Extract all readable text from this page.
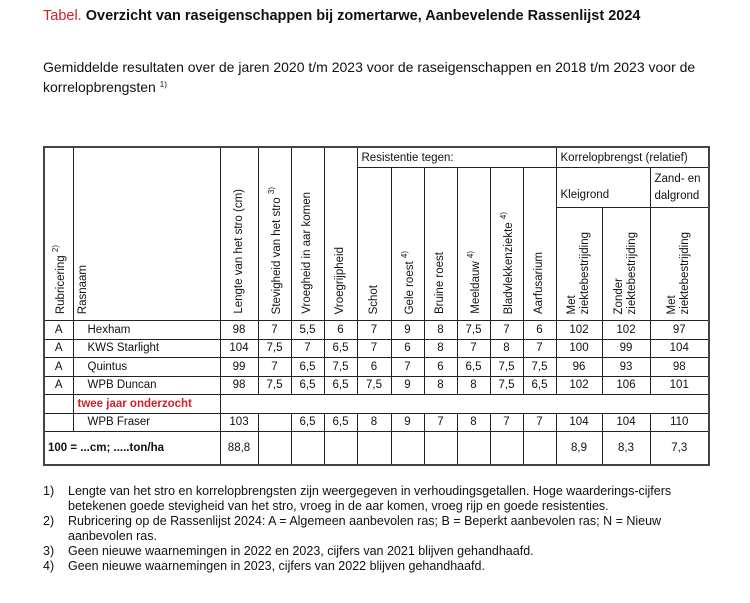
Tabel. Overzicht van raseigenschappen bij zomertarwe, Aanbevelende Rassenlijst 2024
Gemiddelde resultaten over de jaren 2020 t/m 2023 voor de raseigenschappen en 2018 t/m 2023 voor de korrelopbrengsten $^{1)}$
Rubricering $^{2)}$	Rasnaam	Lengte van het stro (cm)	Stevigheid van het stro $^{3)}$	Vroegheid in aar komen	Vroegrijpheid	Resistentie tegen:						Korrelopbrengst (relatief)		
						Schot	Gele roest $^{4)}$	Bruine roest	Meeldauw $^{4)}$	Bladvlekkenziekte $^{4)}$	Aarfusarium	Kleigrond		Zand- en dalgrond
												Met
ziektebestrijding	Zonder
ziektebestrijding	Met
ziektebestrijding
A	Hexham	98	7	5,5	6	7	9	8	7,5	7	6	102	102	97
A	KWS Starlight	104	7,5	7	6,5	7	6	8	7	8	7	100	99	104
A	Quintus	99	7	6,5	7,5	6	7	6	6,5	7,5	7,5	96	93	98
A	WPB Duncan	98	7,5	6,5	6,5	7,5	9	8	8	7,5	6,5	102	106	101
	twee jaar onderzocht													
	WPB Fraser	103		6,5	6,5	8	9	7	8	7	7	104	104	110
100 = ...cm; .....ton/ha		88,8										8,9	8,3	7,3
1)	Lengte van het stro en korrelopbrengsten zijn weergegeven in verhoudingsgetallen. Hoge waarderings-cijfers betekenen goede stevigheid van het stro, vroeg in de aar komen, vroeg rijp en goede resistenties.
2)	Rubricering op de Rassenlijst 2024: A = Algemeen aanbevolen ras; B = Beperkt aanbevolen ras; N = Nieuw aanbevolen ras.
3)	Geen nieuwe waarnemingen in 2022 en 2023, cijfers van 2021 blijven gehandhaafd.
4)	Geen nieuwe waarnemingen in 2023, cijfers van 2022 blijven gehandhaafd.
